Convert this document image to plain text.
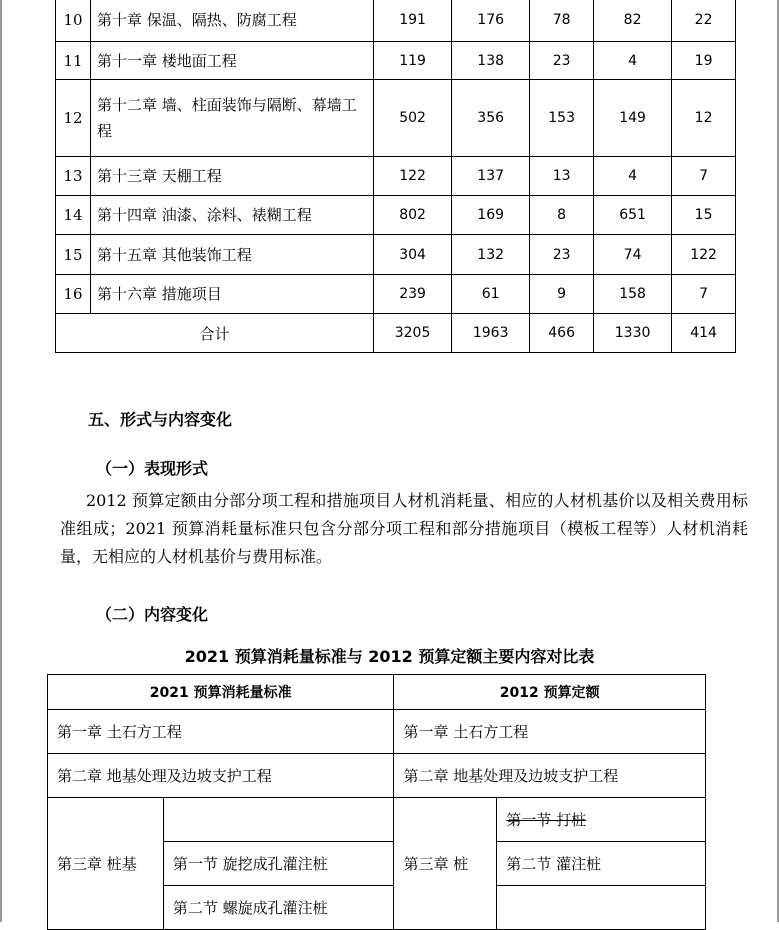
10	第十章 保温、隔热、防腐工程	191	176	78	82	22
11	第十一章 楼地面工程	119	138	23	4	19
12	第十二章 墙、柱面装饰与隔断、幕墙工程	502	356	153	149	12
13	第十三章 天棚工程	122	137	13	4	7
14	第十四章 油漆、涂料、裱糊工程	802	169	8	651	15
15	第十五章 其他装饰工程	304	132	23	74	122
16	第十六章 措施项目	239	61	9	158	7
合计		3205	1963	466	1330	414
五、形式与内容变化
（一）表现形式
2012 预算定额由分部分项工程和措施项目人材机消耗量、相应的人材机基价以及相关费用标准组成；2021 预算消耗量标准只包含分部分项工程和部分措施项目（模板工程等）人材机消耗量，无相应的人材机基价与费用标准。
（二）内容变化
2021 预算消耗量标准与 2012 预算定额主要内容对比表
2021 预算消耗量标准		2012 预算定额	
第一章 土石方工程		第一章 土石方工程	
第二章 地基处理及边坡支护工程		第二章 地基处理及边坡支护工程	
第三章 桩基		第三章 桩	第一节 打桩
	第一节 旋挖成孔灌注桩		第二节 灌注桩
	第二节 螺旋成孔灌注桩		
